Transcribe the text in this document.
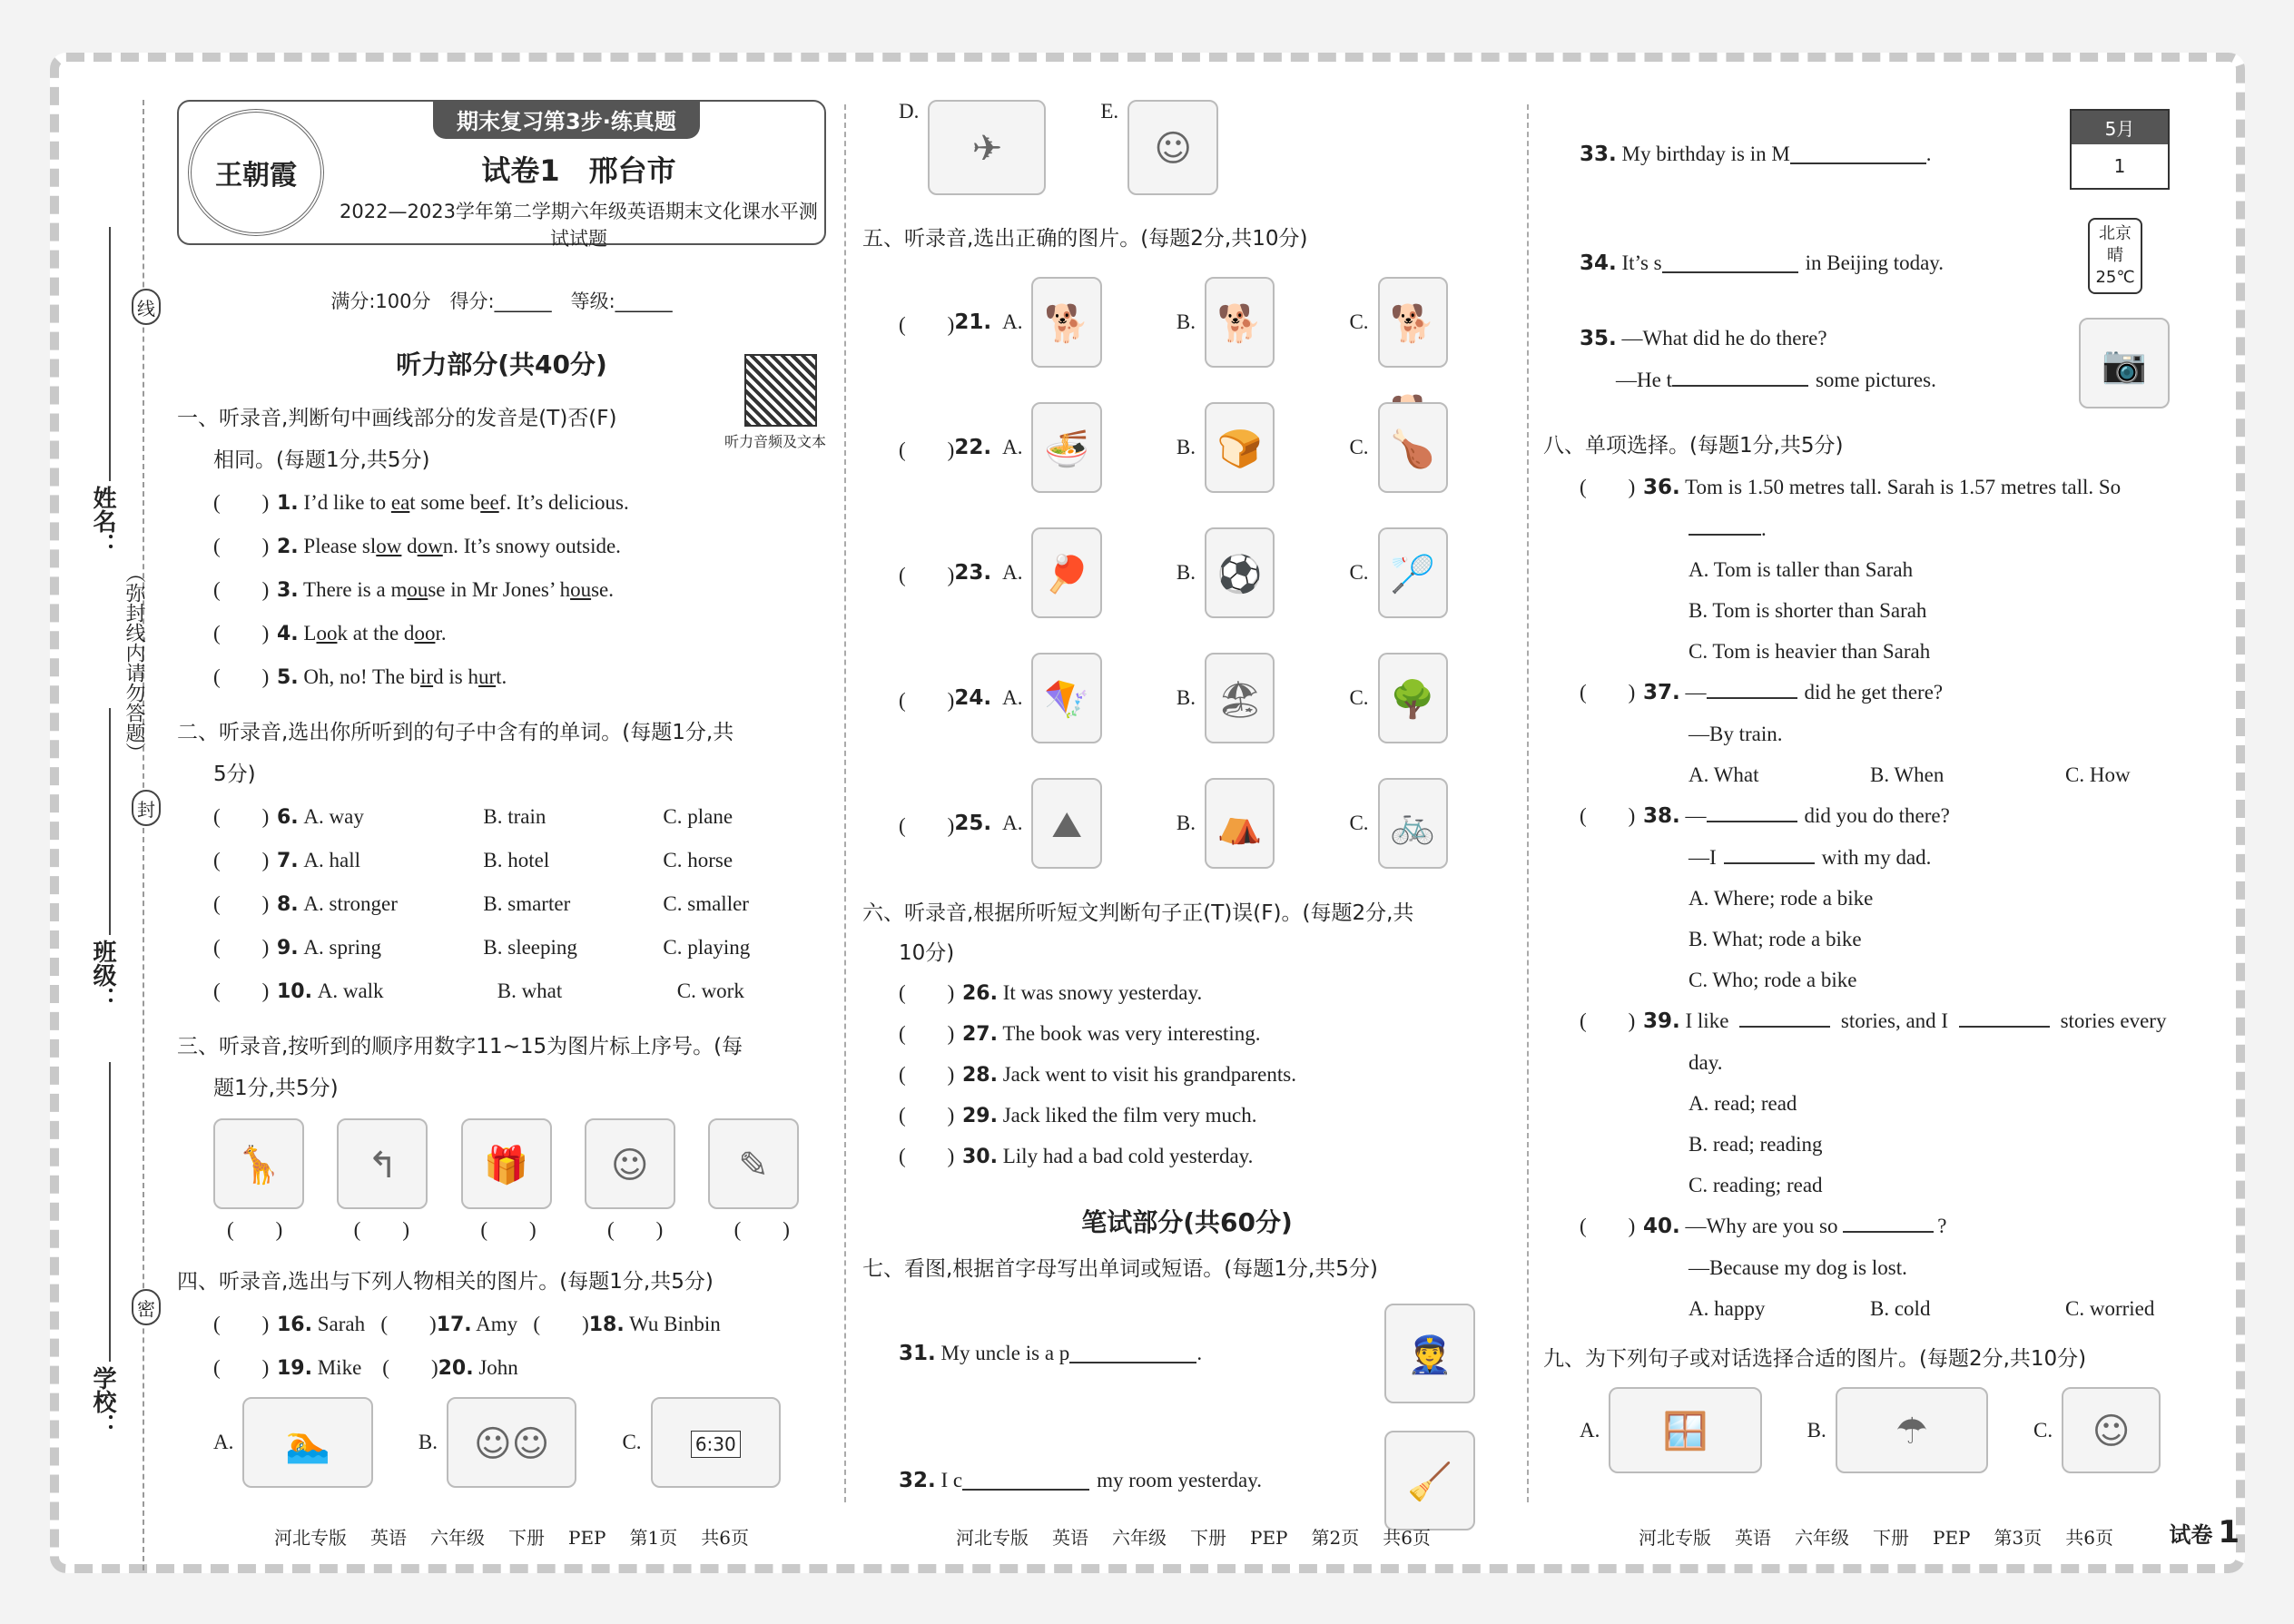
姓名：
班级：
学校：
线
封
密
（弥封线内请勿答题）
王朝霞
期末复习第3步·练真题
试卷1　邢台市
2022—2023学年第二学期六年级英语期末文化课水平测试试题
满分:100分　得分:______　等级:______
听力音频及文本
听力部分(共40分)
一、听录音,判断句中画线部分的发音是(T)否(F)
相同。(每题1分,共5分)
(　　) 1. I’d like to eat some beef. It’s delicious.
(　　) 2. Please slow down. It’s snowy outside.
(　　) 3. There is a mouse in Mr Jones’ house.
(　　) 4. Look at the door.
(　　) 5. Oh, no! The bird is hurt.
二、听录音,选出你所听到的句子中含有的单词。(每题1分,共
5分)
(　　) 6. A. way	B. train	C. plane
(　　) 7. A. hall	B. hotel	C. horse
(　　) 8. A. stronger	B. smarter	C. smaller
(　　) 9. A. spring	B. sleeping	C. playing
(　　) 10. A. walk	B. what	C. work
三、听录音,按听到的顺序用数字11~15为图片标上序号。(每
题1分,共5分)
🦒	↰	🎁	☺	✎
(　　)	(　　)	(　　)	(　　)	(　　)
四、听录音,选出与下列人物相关的图片。(每题1分,共5分)
(　　) 16. Sarah (　　)17. Amy (　　)18. Wu Binbin
(　　) 19. Mike (　　)20. John
A.	🏊	B.	☺☺	C.	6:30
D.
✈
E.
☺
五、听录音,选出正确的图片。(每题2分,共10分)
(　　) 21. A. 🐕	B. 🐕	C. 🐕
(　　) 22. A. 🍜	B. 🍞	C. 🍗
(　　) 23. A. 🏓	B. ⚽	C. 🏸
(　　) 24. A. 🪁	B. 🏖	C. 🌳
(　　) 25. A. ⛰	B. ⛺	C. 🚲
六、听录音,根据所听短文判断句子正(T)误(F)。(每题2分,共
10分)
(　　) 26. It was snowy yesterday.
(　　) 27. The book was very interesting.
(　　) 28. Jack went to visit his grandparents.
(　　) 29. Jack liked the film very much.
(　　) 30. Lily had a bad cold yesterday.
笔试部分(共60分)
七、看图,根据首字母写出单词或短语。(每题1分,共5分)
31.
My uncle is a p	.	👮
32.
I c	my room yesterday.	🧹
33.
My birthday is in M	.
5月
1
34.
It’s s	in Beijing today.
北京
晴
25℃
35. —What did he do there?
—He t	some pictures.	📷
八、单项选择。(每题1分,共5分)
(　　) 36. Tom is 1.50 metres tall. Sarah is 1.57 metres tall. So
.
A. Tom is taller than Sarah
B. Tom is shorter than Sarah
C. Tom is heavier than Sarah
(　　) 37. —	did he get there?
—By train.
A. What	B. When	C. How
(　　) 38. —	did you do there?
—I	with my dad.
A. Where; rode a bike
B. What; rode a bike
C. Who; rode a bike
(　　) 39. I like	stories, and I	stories every
day.
A. read; read
B. read; reading
C. reading; read
(　　) 40. —Why are you so	?
—Because my dog is lost.
A. happy	B. cold	C. worried
九、为下列句子或对话选择合适的图片。(每题2分,共10分)
A.	🪟	B.	☂	C.	☺
河北专版 英语 六年级 下册 PEP 第1页 共6页	河北专版 英语 六年级 下册 PEP 第2页 共6页	河北专版 英语 六年级 下册 PEP 第3页 共6页	试卷 1
